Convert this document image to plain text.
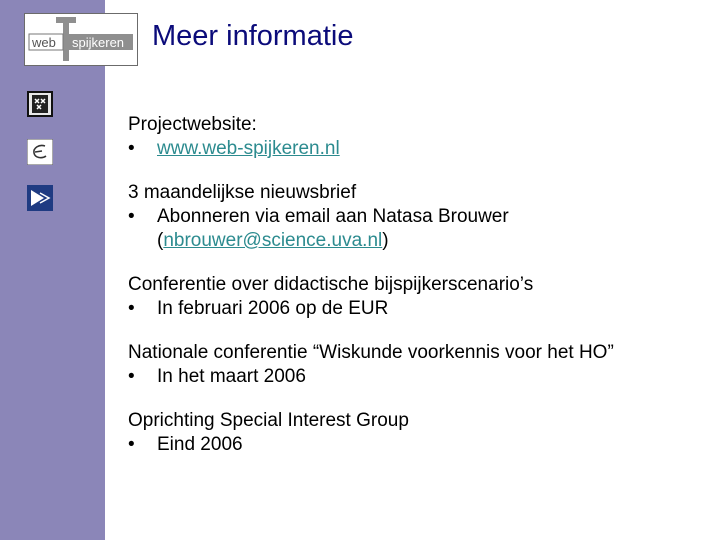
web spijkeren Meer informatie
Projectwebsite:
•	www.web-spijkeren.nl
3 maandelijkse nieuwsbrief
•	Abonneren via email aan Natasa Brouwer
(nbrouwer@science.uva.nl)
Conferentie over didactische bijspijkerscenario’s
•	In februari 2006 op de EUR
Nationale conferentie “Wiskunde voorkennis voor het HO”
•	In het maart 2006
Oprichting Special Interest Group
•	Eind 2006
